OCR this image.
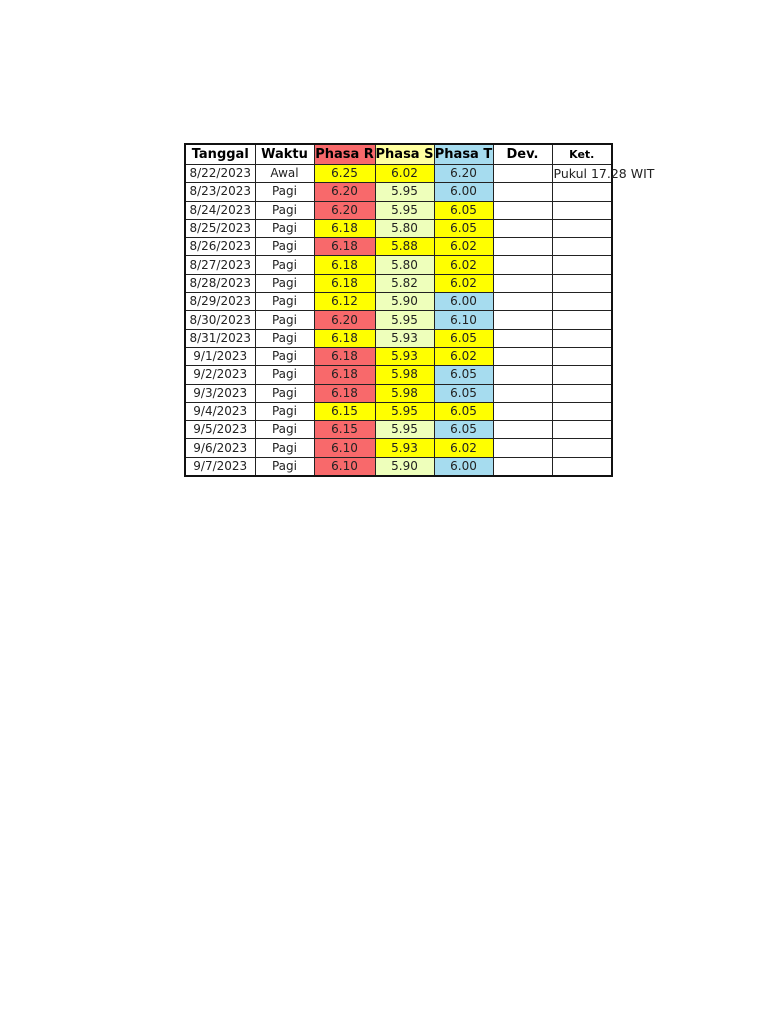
Tanggal	Waktu	Phasa R	Phasa S	Phasa T	Dev.	Ket.
8/22/2023	Awal	6.25	6.02	6.20		Pukul 17.28 WIT

8/23/2023	Pagi	6.20	5.95	6.00		

8/24/2023	Pagi	6.20	5.95	6.05		

8/25/2023	Pagi	6.18	5.80	6.05		

8/26/2023	Pagi	6.18	5.88	6.02		

8/27/2023	Pagi	6.18	5.80	6.02		

8/28/2023	Pagi	6.18	5.82	6.02		

8/29/2023	Pagi	6.12	5.90	6.00		

8/30/2023	Pagi	6.20	5.95	6.10		

8/31/2023	Pagi	6.18	5.93	6.05		

9/1/2023	Pagi	6.18	5.93	6.02		

9/2/2023	Pagi	6.18	5.98	6.05		

9/3/2023	Pagi	6.18	5.98	6.05		

9/4/2023	Pagi	6.15	5.95	6.05		

9/5/2023	Pagi	6.15	5.95	6.05		

9/6/2023	Pagi	6.10	5.93	6.02		

9/7/2023	Pagi	6.10	5.90	6.00		
